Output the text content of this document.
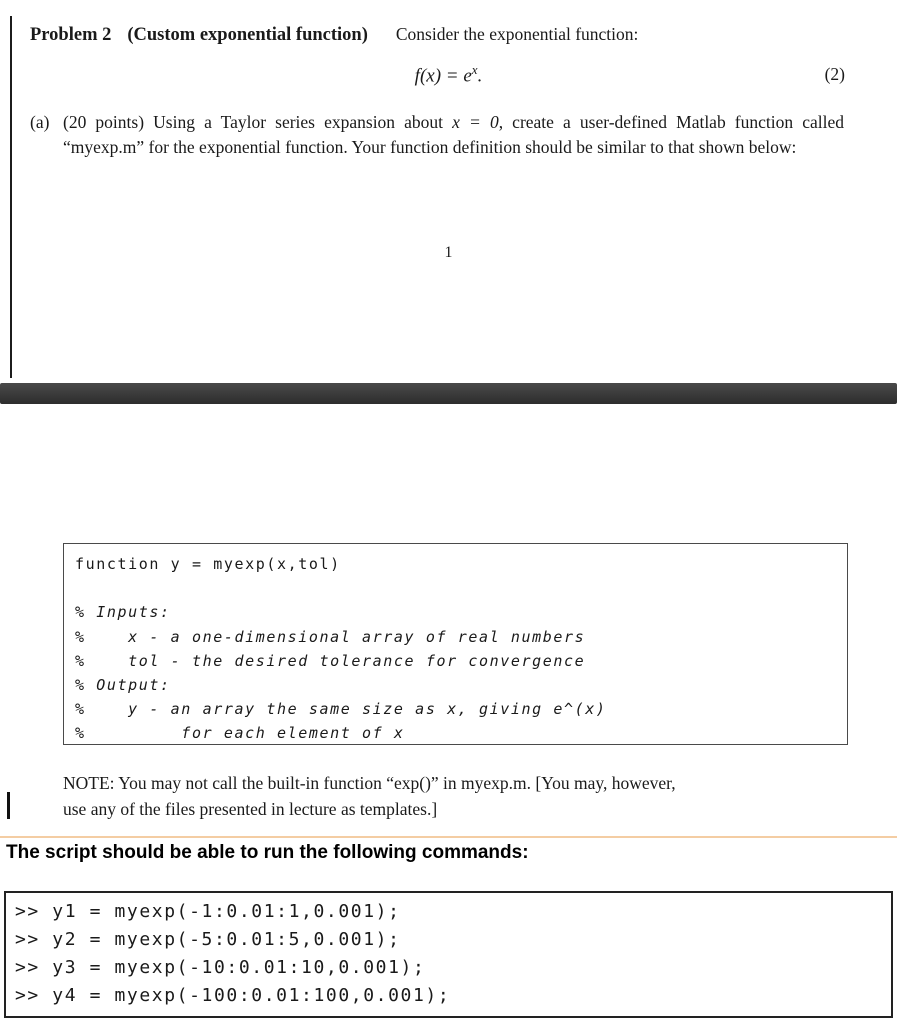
Problem 2 (Custom exponential function) Consider the exponential function:
$f(x) = e^x$.	(2)
(a) (20 points) Using a Taylor series expansion about x = 0, create a user-defined Matlab function called “myexp.m” for the exponential function. Your function definition should be similar to that shown below:
1
function y = myexp(x,tol)
% Inputs:
%    x - a one-dimensional array of real numbers
%    tol - the desired tolerance for convergence
% Output:
%    y - an array the same size as x, giving e^(x)
%         for each element of x
NOTE: You may not call the built-in function “exp()” in myexp.m. [You may, however,
use any of the files presented in lecture as templates.]
The script should be able to run the following commands:
>> y1 = myexp(-1:0.01:1,0.001);
>> y2 = myexp(-5:0.01:5,0.001);
>> y3 = myexp(-10:0.01:10,0.001);
>> y4 = myexp(-100:0.01:100,0.001);
